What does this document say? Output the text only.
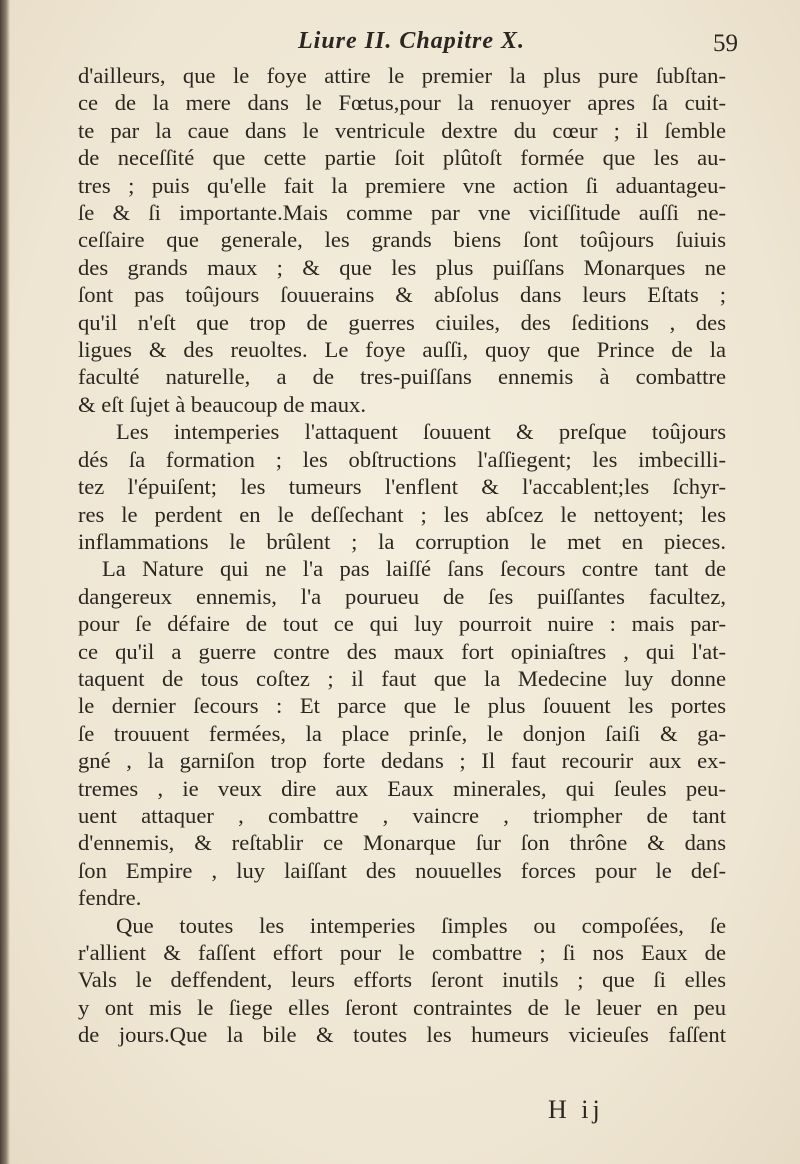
Liure II. Chapitre X.	59
d'ailleurs, que le foye attire le premier la plus pure ſubſtan-
ce de la mere dans le Fœtus,pour la renuoyer apres ſa cuit-
te par la caue dans le ventricule dextre du cœur ; il ſemble
de neceſſité que cette partie ſoit plûtoſt formée que les au-
tres ; puis qu'elle fait la premiere vne action ſi aduantageu-
ſe & ſi importante.Mais comme par vne viciſſitude auſſi ne-
ceſſaire que generale, les grands biens ſont toûjours ſuiuis
des grands maux ; & que les plus puiſſans Monarques ne
ſont pas toûjours ſouuerains & abſolus dans leurs Eſtats ;
qu'il n'eſt que trop de guerres ciuiles, des ſeditions , des
ligues & des reuoltes. Le foye auſſi, quoy que Prince de la
faculté naturelle, a de tres-puiſſans ennemis à combattre
& eſt ſujet à beaucoup de maux.
Les intemperies l'attaquent ſouuent & preſque toûjours
dés ſa formation ; les obſtructions l'aſſiegent; les imbecilli-
tez l'épuiſent; les tumeurs l'enflent & l'accablent;les ſchyr-
res le perdent en le deſſechant ; les abſcez le nettoyent; les
inflammations le brûlent ; la corruption le met en pieces.
La Nature qui ne l'a pas laiſſé ſans ſecours contre tant de
dangereux ennemis, l'a pourueu de ſes puiſſantes facultez,
pour ſe défaire de tout ce qui luy pourroit nuire : mais par-
ce qu'il a guerre contre des maux fort opiniaſtres , qui l'at-
taquent de tous coſtez ; il faut que la Medecine luy donne
le dernier ſecours : Et parce que le plus ſouuent les portes
ſe trouuent fermées, la place prinſe, le donjon ſaiſi & ga-
gné , la garniſon trop forte dedans ; Il faut recourir aux ex-
tremes , ie veux dire aux Eaux minerales, qui ſeules peu-
uent attaquer , combattre , vaincre , triompher de tant
d'ennemis, & reſtablir ce Monarque ſur ſon thrône & dans
ſon Empire , luy laiſſant des nouuelles forces pour le deſ-
fendre.
Que toutes les intemperies ſimples ou compoſées, ſe
r'allient & faſſent effort pour le combattre ; ſi nos Eaux de
Vals le deffendent, leurs efforts ſeront inutils ; que ſi elles
y ont mis le ſiege elles ſeront contraintes de le leuer en peu
de jours.Que la bile & toutes les humeurs vicieuſes faſſent
H ij
